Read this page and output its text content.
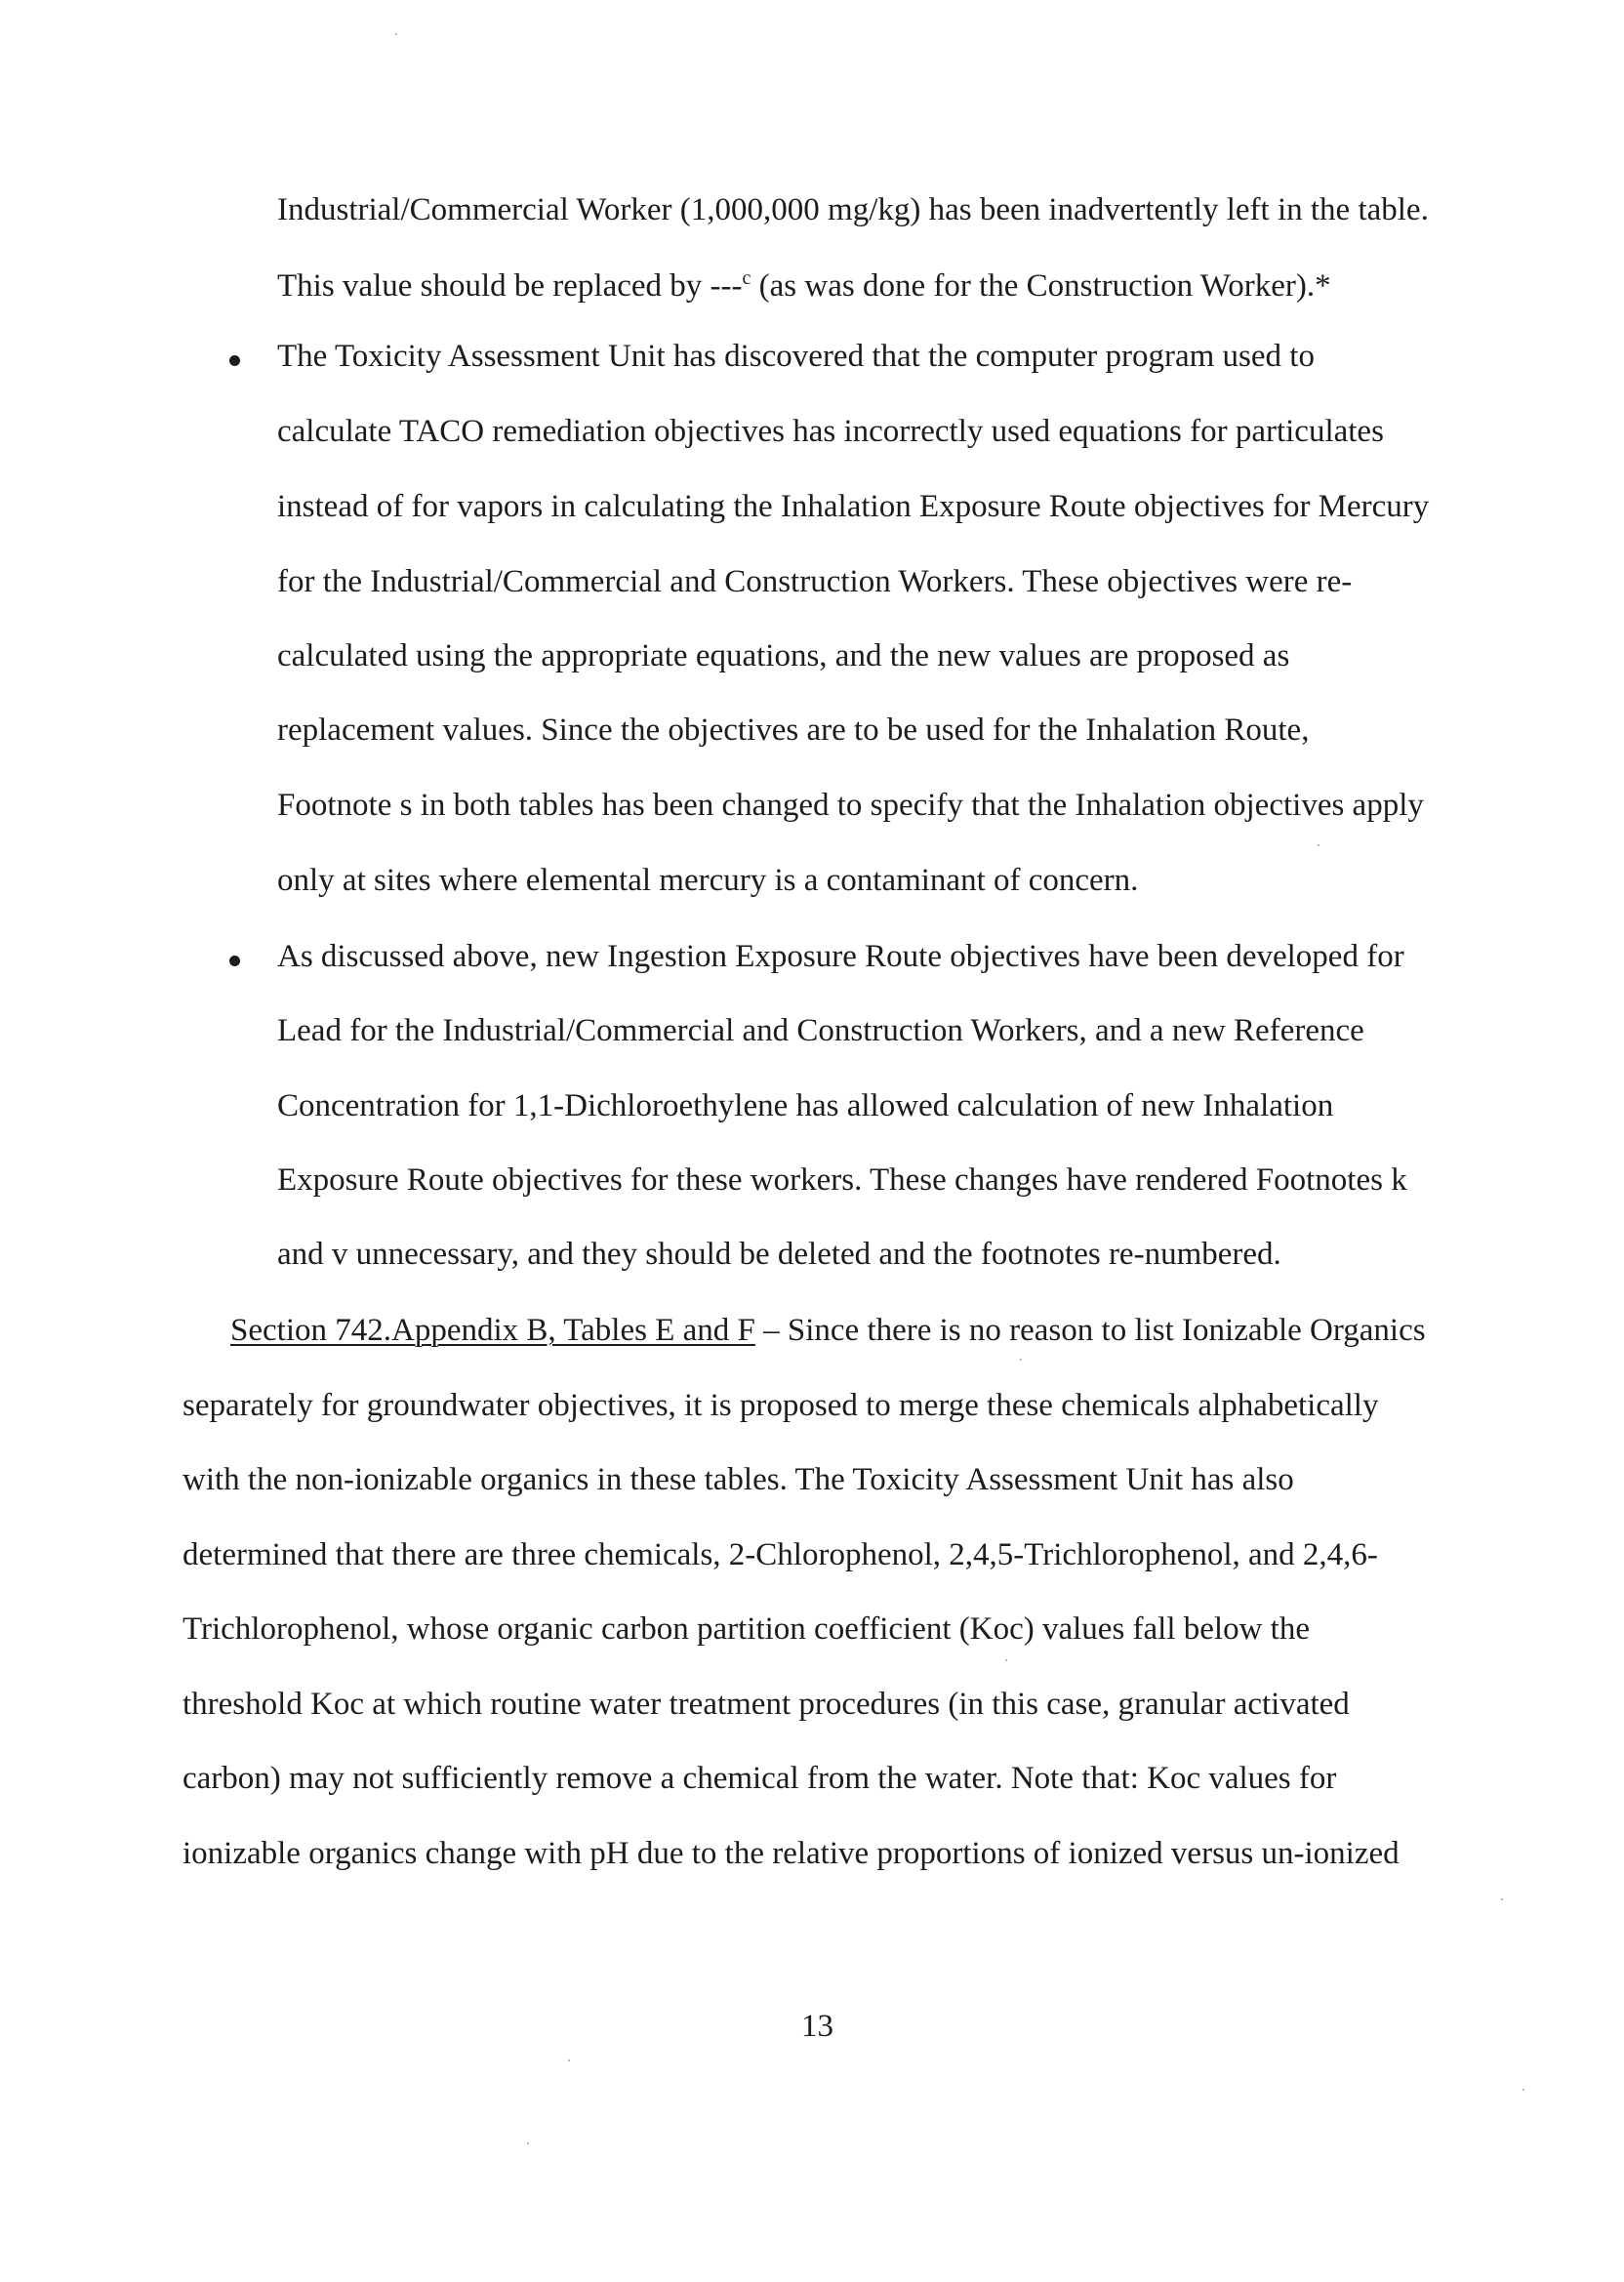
Industrial/Commercial Worker (1,000,000 mg/kg) has been inadvertently left in the table.
This value should be replaced by ---$^c$ (as was done for the Construction Worker).*
The Toxicity Assessment Unit has discovered that the computer program used to
calculate TACO remediation objectives has incorrectly used equations for particulates
instead of for vapors in calculating the Inhalation Exposure Route objectives for Mercury
for the Industrial/Commercial and Construction Workers. These objectives were re-
calculated using the appropriate equations, and the new values are proposed as
replacement values. Since the objectives are to be used for the Inhalation Route,
Footnote s in both tables has been changed to specify that the Inhalation objectives apply
only at sites where elemental mercury is a contaminant of concern.
As discussed above, new Ingestion Exposure Route objectives have been developed for
Lead for the Industrial/Commercial and Construction Workers, and a new Reference
Concentration for 1,1-Dichloroethylene has allowed calculation of new Inhalation
Exposure Route objectives for these workers. These changes have rendered Footnotes k
and v unnecessary, and they should be deleted and the footnotes re-numbered.
Section 742.Appendix B, Tables E and F – Since there is no reason to list Ionizable Organics
separately for groundwater objectives, it is proposed to merge these chemicals alphabetically
with the non-ionizable organics in these tables. The Toxicity Assessment Unit has also
determined that there are three chemicals, 2-Chlorophenol, 2,4,5-Trichlorophenol, and 2,4,6-
Trichlorophenol, whose organic carbon partition coefficient (Koc) values fall below the
threshold Koc at which routine water treatment procedures (in this case, granular activated
carbon) may not sufficiently remove a chemical from the water. Note that: Koc values for
ionizable organics change with pH due to the relative proportions of ionized versus un-ionized
13
